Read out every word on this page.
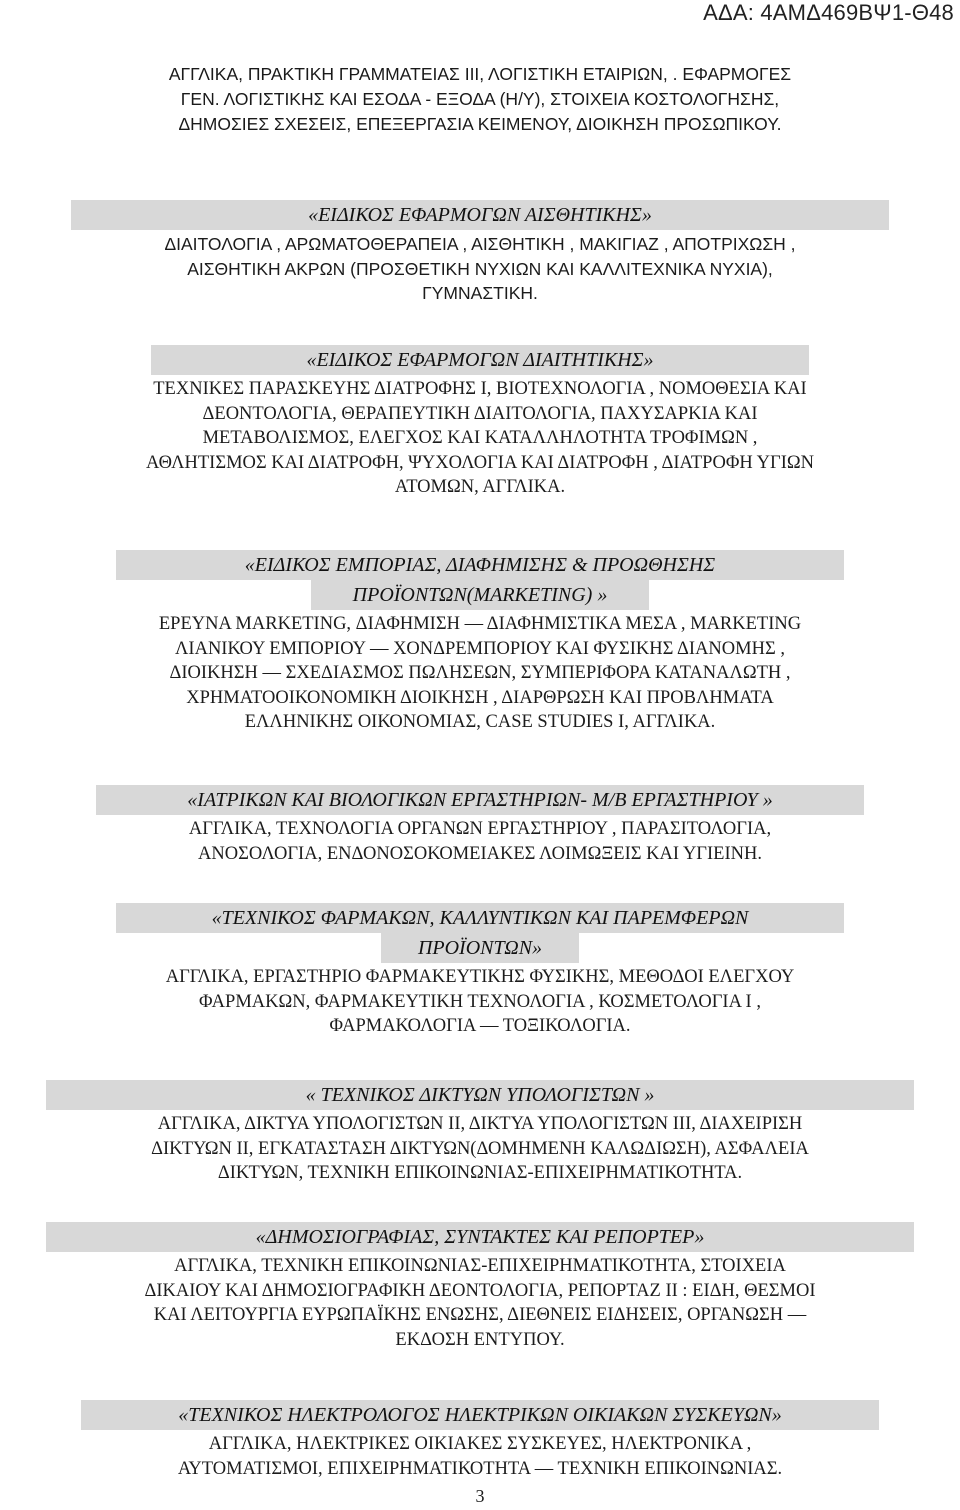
ΑΔΑ: 4ΑΜΔ469ΒΨ1-Θ48
ΑΓΓΛΙΚΑ, ΠΡΑΚΤΙΚΗ ΓΡΑΜΜΑΤΕΙΑΣ ΙΙΙ, ΛΟΓΙΣΤΙΚΗ ΕΤΑΙΡΙΩΝ, . ΕΦΑΡΜΟΓΕΣ
ΓΕΝ. ΛΟΓΙΣΤΙΚΗΣ ΚΑΙ ΕΣΟΔΑ - ΕΞΟΔΑ (Η/Υ), ΣΤΟΙΧΕΙΑ ΚΟΣΤΟΛΟΓΗΣΗΣ,
ΔΗΜΟΣΙΕΣ ΣΧΕΣΕΙΣ, ΕΠΕΞΕΡΓΑΣΙΑ ΚΕΙΜΕΝΟΥ, ΔΙΟΙΚΗΣΗ ΠΡΟΣΩΠΙΚΟΥ.
«ΕΙΔΙΚΟΣ ΕΦΑΡΜΟΓΩΝ ΑΙΣΘΗΤΙΚΗΣ»
ΔΙΑΙΤΟΛΟΓΙΑ , ΑΡΩΜΑΤΟΘΕΡΑΠΕΙΑ , ΑΙΣΘΗΤΙΚΗ , ΜΑΚΙΓΙΑΖ , ΑΠΟΤΡΙΧΩΣΗ ,
ΑΙΣΘΗΤΙΚΗ ΑΚΡΩΝ (ΠΡΟΣΘΕΤΙΚΗ ΝΥΧΙΩΝ ΚΑΙ ΚΑΛΛΙΤΕΧΝΙΚΑ ΝΥΧΙΑ),
ΓΥΜΝΑΣΤΙΚΗ.
«ΕΙΔΙΚΟΣ ΕΦΑΡΜΟΓΩΝ ΔΙΑΙΤΗΤΙΚΗΣ»
ΤΕΧΝΙΚΕΣ ΠΑΡΑΣΚΕΥΗΣ ΔΙΑΤΡΟΦΗΣ Ι, ΒΙΟΤΕΧΝΟΛΟΓΙΑ , ΝΟΜΟΘΕΣΙΑ ΚΑΙ
ΔΕΟΝΤΟΛΟΓΙΑ, ΘΕΡΑΠΕΥΤΙΚΗ ΔΙΑΙΤΟΛΟΓΙΑ, ΠΑΧΥΣΑΡΚΙΑ ΚΑΙ
ΜΕΤΑΒΟΛΙΣΜΟΣ, ΕΛΕΓΧΟΣ ΚΑΙ ΚΑΤΑΛΛΗΛΟΤΗΤΑ ΤΡΟΦΙΜΩΝ ,
ΑΘΛΗΤΙΣΜΟΣ ΚΑΙ ΔΙΑΤΡΟΦΗ, ΨΥΧΟΛΟΓΙΑ ΚΑΙ ΔΙΑΤΡΟΦΗ , ΔΙΑΤΡΟΦΗ ΥΓΙΩΝ
ΑΤΟΜΩΝ, ΑΓΓΛΙΚΑ.
«ΕΙΔΙΚΟΣ ΕΜΠΟΡΙΑΣ, ΔΙΑΦΗΜΙΣΗΣ & ΠΡΟΩΘΗΣΗΣ
ΠΡΟΪΟΝΤΩΝ(MARKETING) »
ΕΡΕΥΝΑ MARKETING, ΔΙΑΦΗΜΙΣΗ — ΔΙΑΦΗΜΙΣΤΙΚΑ ΜΕΣΑ , MARKETING
ΛΙΑΝΙΚΟΥ ΕΜΠΟΡΙΟΥ — ΧΟΝΔΡΕΜΠΟΡΙΟΥ ΚΑΙ ΦΥΣΙΚΗΣ ΔΙΑΝΟΜΗΣ ,
ΔΙΟΙΚΗΣΗ — ΣΧΕΔΙΑΣΜΟΣ ΠΩΛΗΣΕΩΝ, ΣΥΜΠΕΡΙΦΟΡΑ ΚΑΤΑΝΑΛΩΤΗ ,
ΧΡΗΜΑΤΟΟΙΚΟΝΟΜΙΚΗ ΔΙΟΙΚΗΣΗ , ΔΙΑΡΘΡΩΣΗ ΚΑΙ ΠΡΟΒΛΗΜΑΤΑ
ΕΛΛΗΝΙΚΗΣ ΟΙΚΟΝΟΜΙΑΣ, CASE STUDIES Ι, ΑΓΓΛΙΚΑ.
«ΙΑΤΡΙΚΩΝ ΚΑΙ ΒΙΟΛΟΓΙΚΩΝ ΕΡΓΑΣΤΗΡΙΩΝ- Μ/Β ΕΡΓΑΣΤΗΡΙΟΥ »
ΑΓΓΛΙΚΑ, ΤΕΧΝΟΛΟΓΙΑ ΟΡΓΑΝΩΝ ΕΡΓΑΣΤΗΡΙΟΥ , ΠΑΡΑΣΙΤΟΛΟΓΙΑ,
ΑΝΟΣΟΛΟΓΙΑ, ΕΝΔΟΝΟΣΟΚΟΜΕΙΑΚΕΣ ΛΟΙΜΩΞΕΙΣ ΚΑΙ ΥΓΙΕΙΝΗ.
«ΤΕΧΝΙΚΟΣ ΦΑΡΜΑΚΩΝ, ΚΑΛΛΥΝΤΙΚΩΝ ΚΑΙ ΠΑΡΕΜΦΕΡΩΝ
ΠΡΟΪΟΝΤΩΝ»
ΑΓΓΛΙΚΑ, ΕΡΓΑΣΤΗΡΙΟ ΦΑΡΜΑΚΕΥΤΙΚΗΣ ΦΥΣΙΚΗΣ, ΜΕΘΟΔΟΙ ΕΛΕΓΧΟΥ
ΦΑΡΜΑΚΩΝ, ΦΑΡΜΑΚΕΥΤΙΚΗ ΤΕΧΝΟΛΟΓΙΑ , ΚΟΣΜΕΤΟΛΟΓΙΑ Ι ,
ΦΑΡΜΑΚΟΛΟΓΙΑ — ΤΟΞΙΚΟΛΟΓΙΑ.
« ΤΕΧΝΙΚΟΣ ΔΙΚΤΥΩΝ ΥΠΟΛΟΓΙΣΤΩΝ »
ΑΓΓΛΙΚΑ, ΔΙΚΤΥΑ ΥΠΟΛΟΓΙΣΤΩΝ ΙΙ, ΔΙΚΤΥΑ ΥΠΟΛΟΓΙΣΤΩΝ ΙΙΙ, ΔΙΑΧΕΙΡΙΣΗ
ΔΙΚΤΥΩΝ ΙΙ, ΕΓΚΑΤΑΣΤΑΣΗ ΔΙΚΤΥΩΝ(ΔΟΜΗΜΕΝΗ ΚΑΛΩΔΙΩΣΗ), ΑΣΦΑΛΕΙΑ
ΔΙΚΤΥΩΝ, ΤΕΧΝΙΚΗ ΕΠΙΚΟΙΝΩΝΙΑΣ-ΕΠΙΧΕΙΡΗΜΑΤΙΚΟΤΗΤΑ.
«ΔΗΜΟΣΙΟΓΡΑΦΙΑΣ, ΣΥΝΤΑΚΤΕΣ ΚΑΙ ΡΕΠΟΡΤΕΡ»
ΑΓΓΛΙΚΑ, ΤΕΧΝΙΚΗ ΕΠΙΚΟΙΝΩΝΙΑΣ-ΕΠΙΧΕΙΡΗΜΑΤΙΚΟΤΗΤΑ, ΣΤΟΙΧΕΙΑ
ΔΙΚΑΙΟΥ ΚΑΙ ΔΗΜΟΣΙΟΓΡΑΦΙΚΗ ΔΕΟΝΤΟΛΟΓΙΑ, ΡΕΠΟΡΤΑΖ ΙΙ : ΕΙΔΗ, ΘΕΣΜΟΙ
ΚΑΙ ΛΕΙΤΟΥΡΓΙΑ ΕΥΡΩΠΑΪΚΗΣ ΕΝΩΣΗΣ, ΔΙΕΘΝΕΙΣ ΕΙΔΗΣΕΙΣ, ΟΡΓΑΝΩΣΗ —
ΕΚΔΟΣΗ ΕΝΤΥΠΟΥ.
«ΤΕΧΝΙΚΟΣ ΗΛΕΚΤΡΟΛΟΓΟΣ ΗΛΕΚΤΡΙΚΩΝ ΟΙΚΙΑΚΩΝ ΣΥΣΚΕΥΩΝ»
ΑΓΓΛΙΚΑ, ΗΛΕΚΤΡΙΚΕΣ ΟΙΚΙΑΚΕΣ ΣΥΣΚΕΥΕΣ, ΗΛΕΚΤΡΟΝΙΚΑ ,
ΑΥΤΟΜΑΤΙΣΜΟΙ, ΕΠΙΧΕΙΡΗΜΑΤΙΚΟΤΗΤΑ — ΤΕΧΝΙΚΗ ΕΠΙΚΟΙΝΩΝΙΑΣ.
3
